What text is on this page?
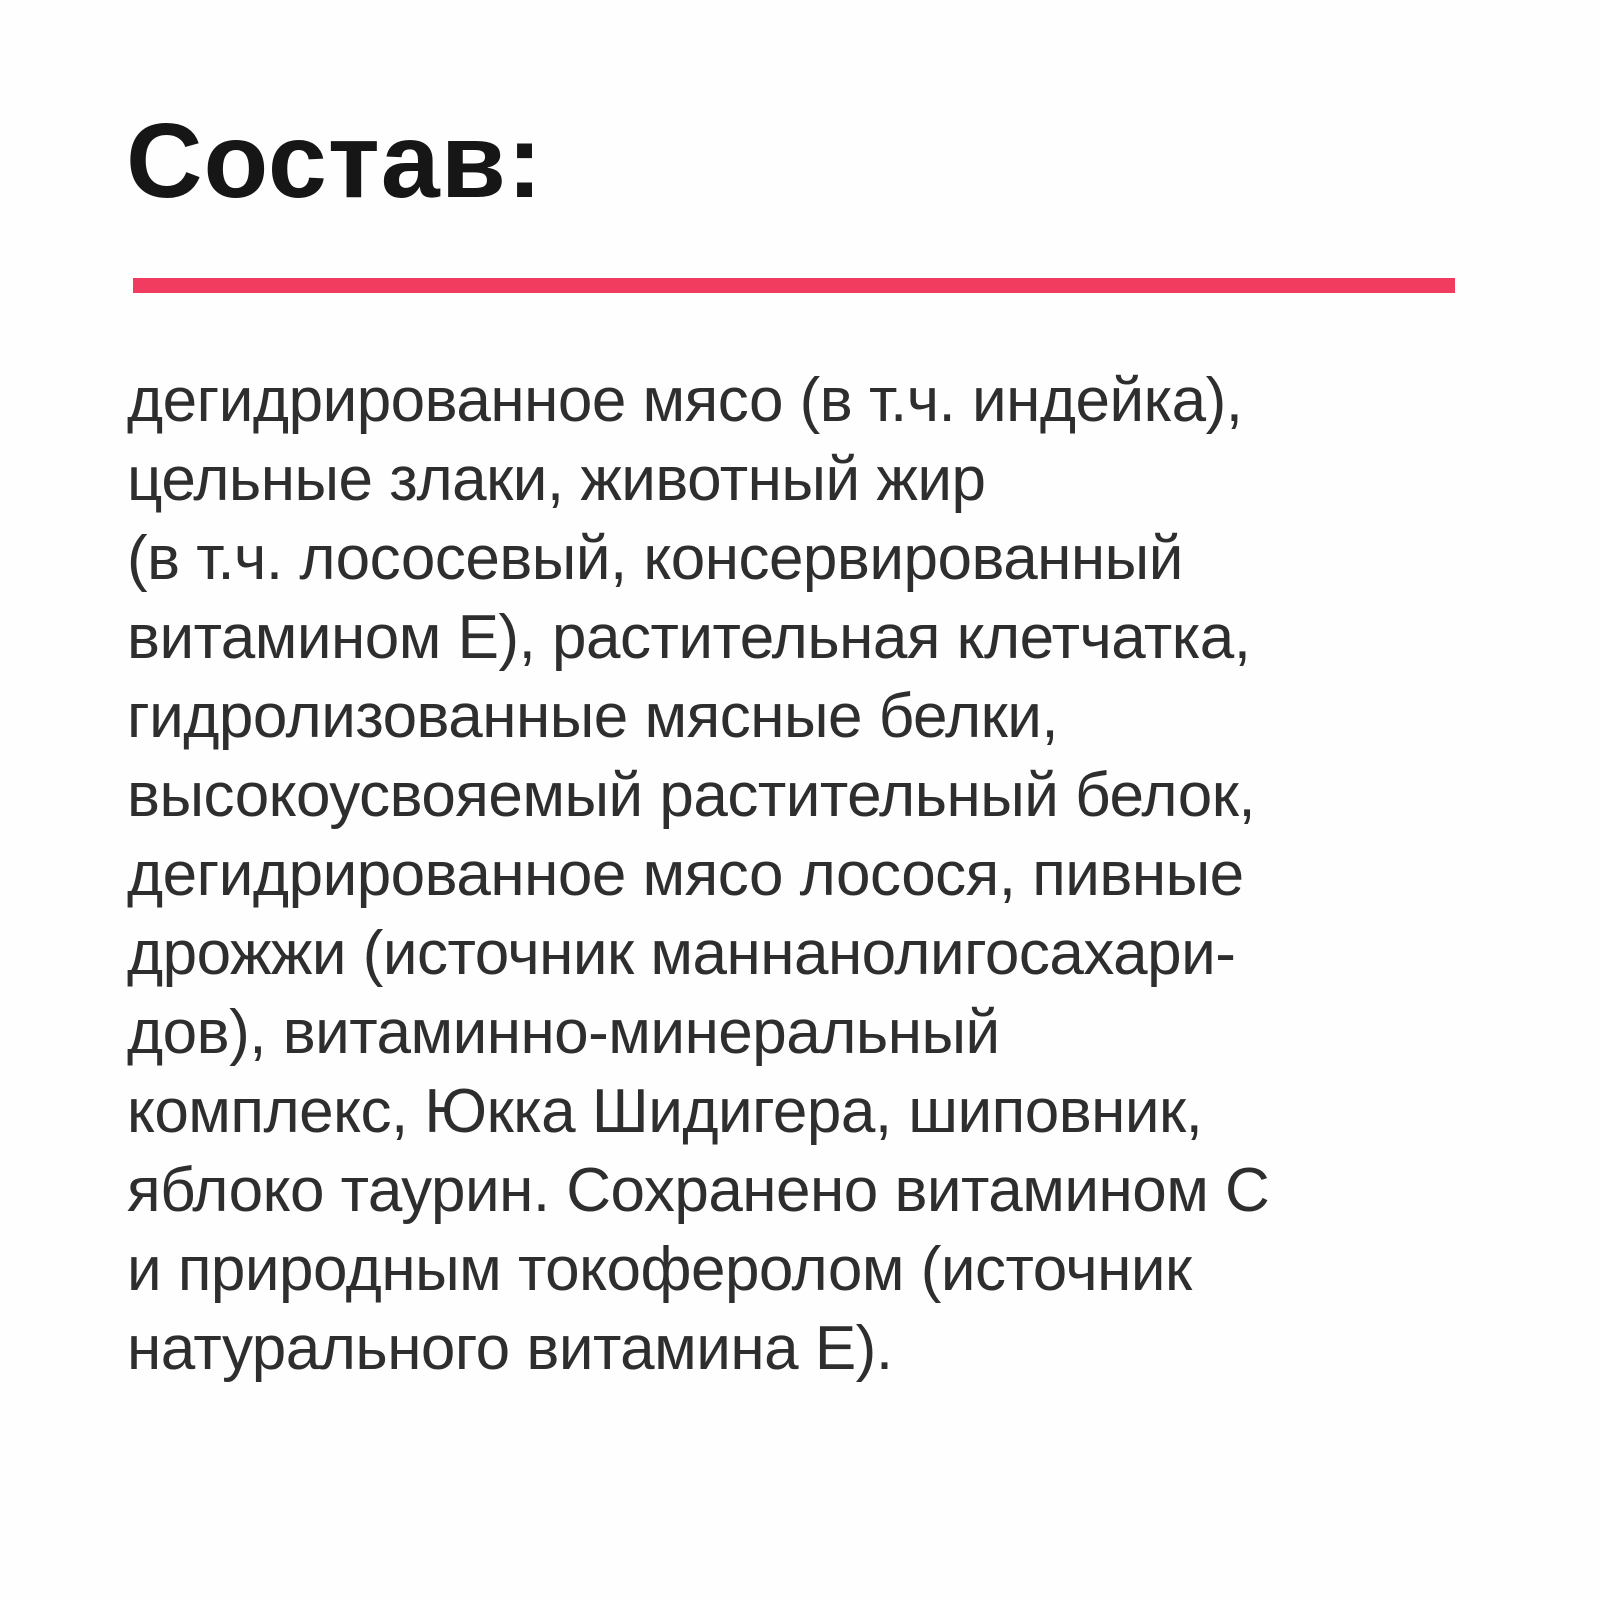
Состав:
дегидрированное мясо (в т.ч. индейка),
цельные злаки, животный жир
(в т.ч. лососевый, консервированный
витамином Е), растительная клетчатка,
гидролизованные мясные белки,
высокоусвояемый растительный белок,
дегидрированное мясо лосося, пивные
дрожжи (источник маннанолигосахари-
дов), витаминно-минеральный
комплекс, Юкка Шидигера, шиповник,
яблоко таурин. Сохранено витамином С
и природным токоферолом (источник
натурального витамина Е).
